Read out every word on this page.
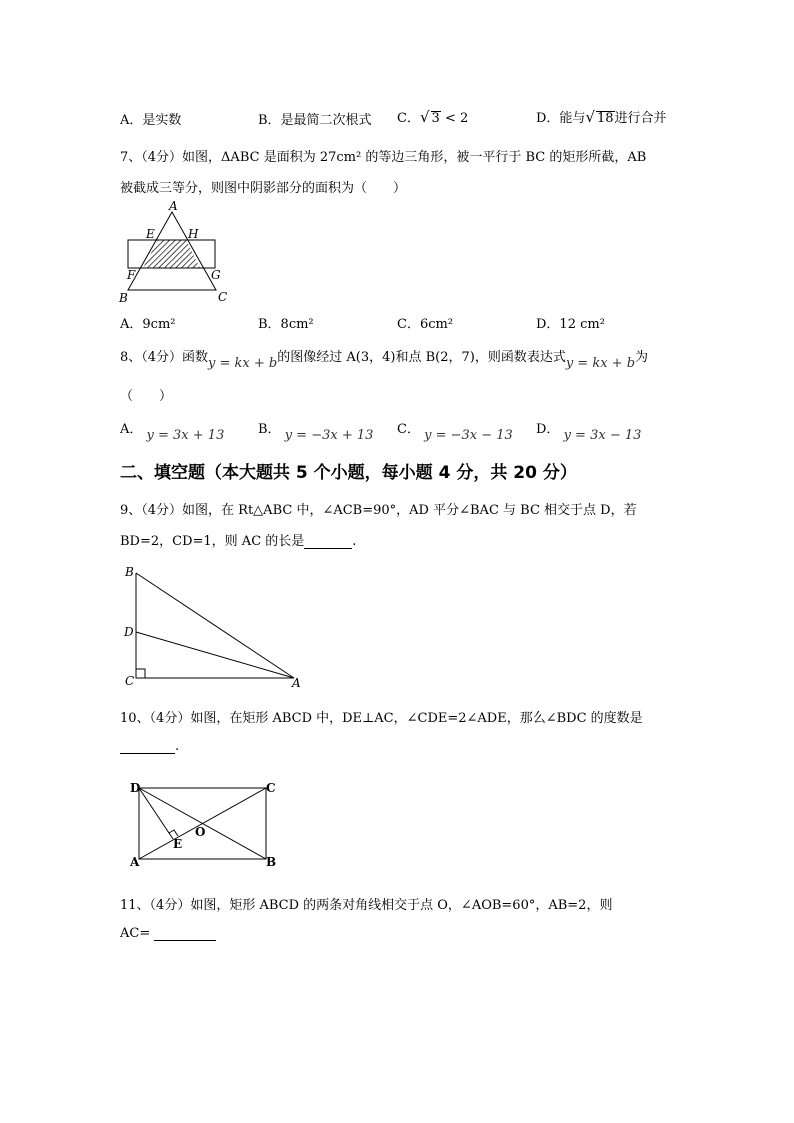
A．是实数	B．是最简二次根式 C．√ 3 < 2	D．能与√ 18进行合并
7、（4分）如图，ΔABC 是面积为 27cm² 的等边三角形，被一平行于 BC 的矩形所截，AB
被截成三等分，则图中阴影部分的面积为（　　）
A
E	H
F	G
B	C
A．9cm²	B．8cm²	C．6cm²	D．12 cm²
8、（4分）函数y = kx + b的图像经过 A(3，4)和点 B(2，7)，则函数表达式y = kx + b为
（　　）
A． y = 3x + 13	B． y = −3x + 13 C． y = −3x − 13 D． y = 3x − 13
二、填空题（本大题共 5 个小题，每小题 4 分，共 20 分）
9、（4分）如图，在 Rt△ABC 中，∠ACB=90°，AD 平分∠BAC 与 BC 相交于点 D，若
BD=2，CD=1，则 AC 的长是	.
B
D
C	A
10、（4分）如图，在矩形 ABCD 中，DE⊥AC，∠CDE=2∠ADE，那么∠BDC 的度数是
.
D	C
O
E
A	B
11、（4分）如图，矩形 ABCD 的两条对角线相交于点 O，∠AOB=60°，AB=2，则
AC=
